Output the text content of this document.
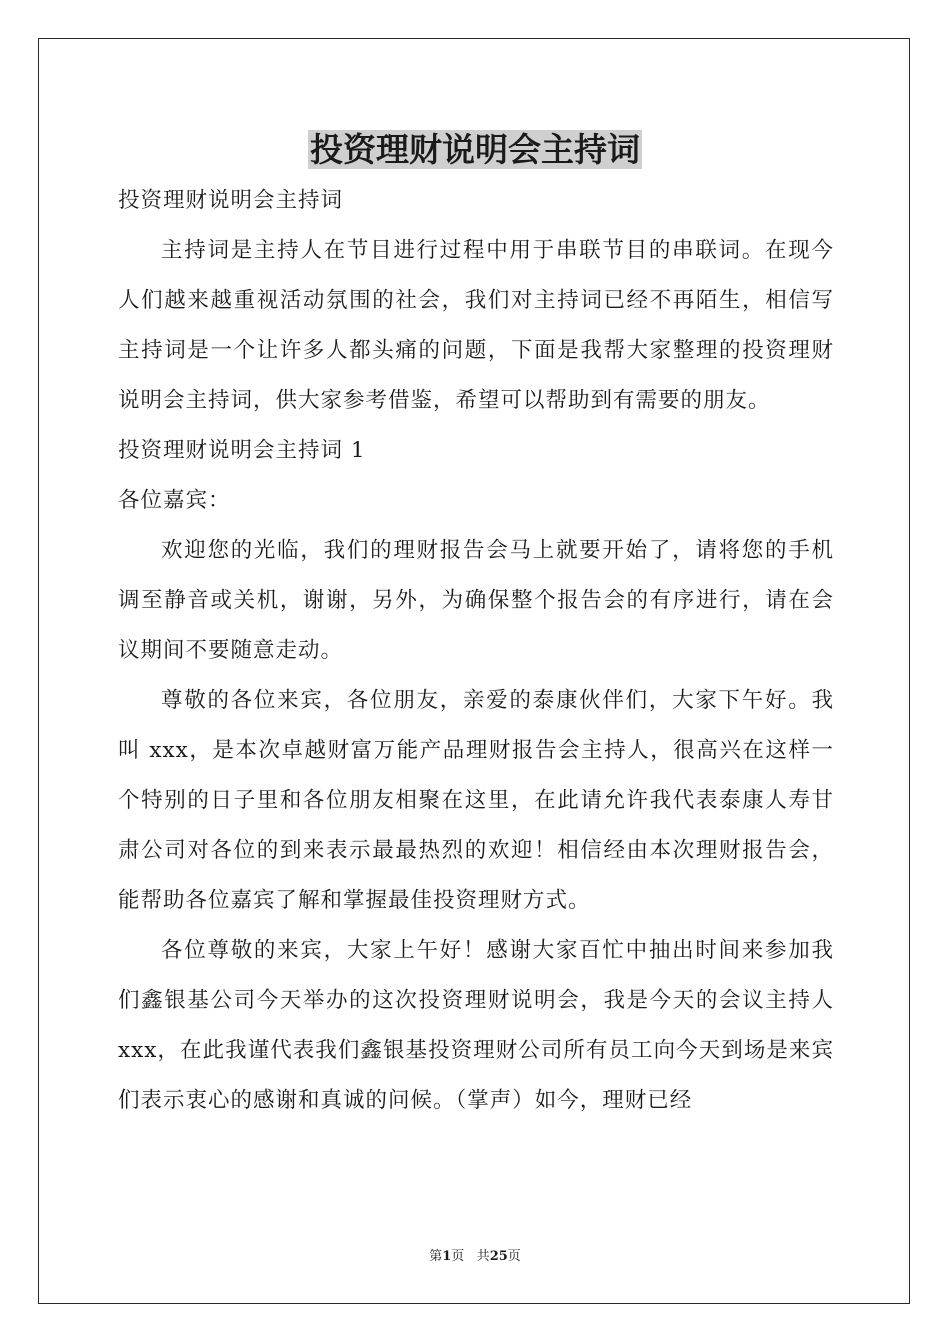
投资理财说明会主持词

投资理财说明会主持词

主持词是主持人在节目进行过程中用于串联节目的串联词。在现今人们越来越重视活动氛围的社会，我们对主持词已经不再陌生，相信写主持词是一个让许多人都头痛的问题，下面是我帮大家整理的投资理财说明会主持词，供大家参考借鉴，希望可以帮助到有需要的朋友。

投资理财说明会主持词 1

各位嘉宾：

欢迎您的光临，我们的理财报告会马上就要开始了，请将您的手机调至静音或关机，谢谢，另外，为确保整个报告会的有序进行，请在会议期间不要随意走动。

尊敬的各位来宾，各位朋友，亲爱的泰康伙伴们，大家下午好。我叫 xxx，是本次卓越财富万能产品理财报告会主持人，很高兴在这样一个特别的日子里和各位朋友相聚在这里，在此请允许我代表泰康人寿甘肃公司对各位的到来表示最最热烈的欢迎！相信经由本次理财报告会，能帮助各位嘉宾了解和掌握最佳投资理财方式。

各位尊敬的来宾，大家上午好！感谢大家百忙中抽出时间来参加我们鑫银基公司今天举办的这次投资理财说明会，我是今天的会议主持人 xxx，在此我谨代表我们鑫银基投资理财公司所有员工向今天到场是来宾们表示衷心的感谢和真诚的问候。（掌声）如今，理财已经

第1页 共25页
